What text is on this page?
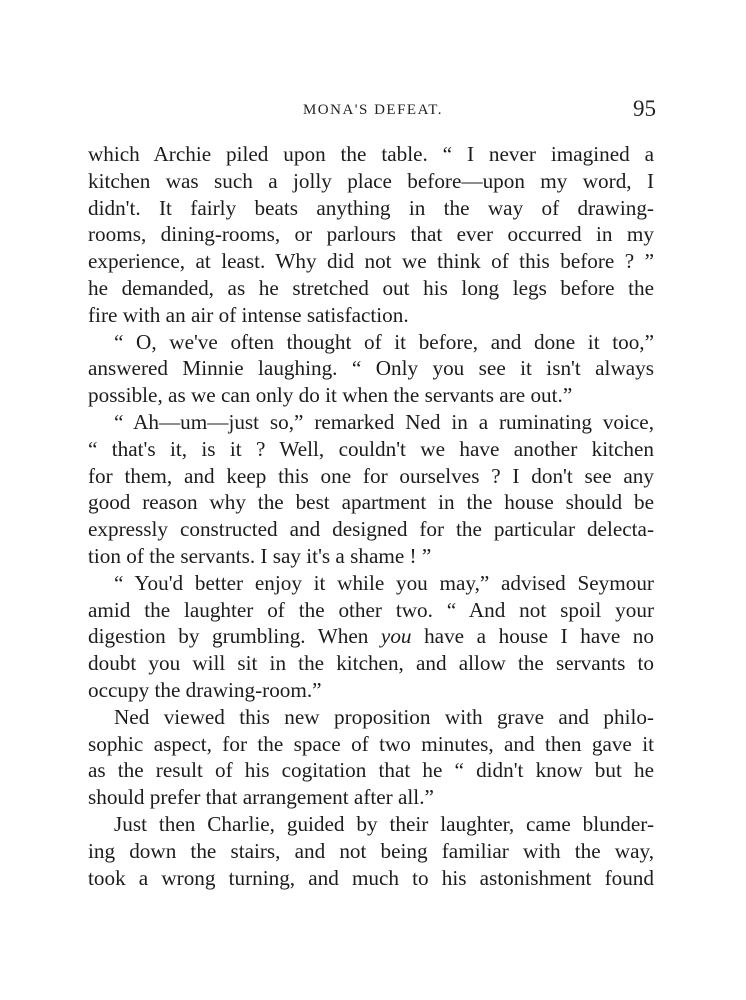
MONA'S DEFEAT.	95
which Archie piled upon the table. “ I never imagined a
kitchen was such a jolly place before—upon my word, I
didn't. It fairly beats anything in the way of drawing-
rooms, dining-rooms, or parlours that ever occurred in my
experience, at least. Why did not we think of this before ? ”
he demanded, as he stretched out his long legs before the
fire with an air of intense satisfaction.
“ O, we've often thought of it before, and done it too,”
answered Minnie laughing. “ Only you see it isn't always
possible, as we can only do it when the servants are out.”
“ Ah—um—just so,” remarked Ned in a ruminating voice,
“ that's it, is it ? Well, couldn't we have another kitchen
for them, and keep this one for ourselves ? I don't see any
good reason why the best apartment in the house should be
expressly constructed and designed for the particular delecta-
tion of the servants. I say it's a shame ! ”
“ You'd better enjoy it while you may,” advised Seymour
amid the laughter of the other two. “ And not spoil your
digestion by grumbling. When you have a house I have no
doubt you will sit in the kitchen, and allow the servants to
occupy the drawing-room.”
Ned viewed this new proposition with grave and philo-
sophic aspect, for the space of two minutes, and then gave it
as the result of his cogitation that he “ didn't know but he
should prefer that arrangement after all.”
Just then Charlie, guided by their laughter, came blunder-
ing down the stairs, and not being familiar with the way,
took a wrong turning, and much to his astonishment found
